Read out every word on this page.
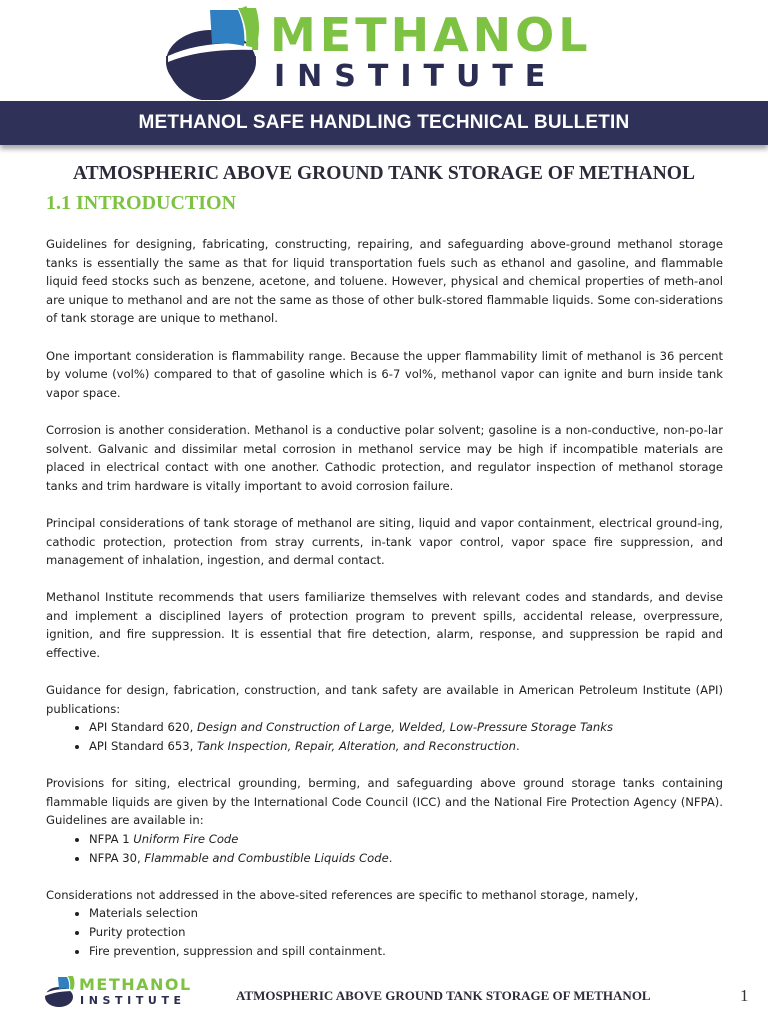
METHANOL
INSTITUTE
METHANOL SAFE HANDLING TECHNICAL BULLETIN
ATMOSPHERIC ABOVE GROUND TANK STORAGE OF METHANOL
1.1 INTRODUCTION

Guidelines for designing, fabricating, constructing, repairing, and safeguarding above-ground methanol storage tanks is essentially the same as that for liquid transportation fuels such as ethanol and gasoline, and flammable liquid feed stocks such as benzene, acetone, and toluene. However, physical and chemical properties of meth-anol are unique to methanol and are not the same as those of other bulk-stored flammable liquids. Some con-siderations of tank storage are unique to methanol.

One important consideration is flammability range. Because the upper flammability limit of methanol is 36 percent by volume (vol%) compared to that of gasoline which is 6-7 vol%, methanol vapor can ignite and burn inside tank vapor space.

Corrosion is another consideration. Methanol is a conductive polar solvent; gasoline is a non-conductive, non-po-lar solvent. Galvanic and dissimilar metal corrosion in methanol service may be high if incompatible materials are placed in electrical contact with one another. Cathodic protection, and regulator inspection of methanol storage tanks and trim hardware is vitally important to avoid corrosion failure.

Principal considerations of tank storage of methanol are siting, liquid and vapor containment, electrical ground-ing, cathodic protection, protection from stray currents, in-tank vapor control, vapor space fire suppression, and management of inhalation, ingestion, and dermal contact.

Methanol Institute recommends that users familiarize themselves with relevant codes and standards, and devise and implement a disciplined layers of protection program to prevent spills, accidental release, overpressure, ignition, and fire suppression. It is essential that fire detection, alarm, response, and suppression be rapid and effective.

Guidance for design, fabrication, construction, and tank safety are available in American Petroleum Institute (API) publications:

• API Standard 620, Design and Construction of Large, Welded, Low-Pressure Storage Tanks
• API Standard 653, Tank Inspection, Repair, Alteration, and Reconstruction.

Provisions for siting, electrical grounding, berming, and safeguarding above ground storage tanks containing flammable liquids are given by the International Code Council (ICC) and the National Fire Protection Agency (NFPA). Guidelines are available in:

• NFPA 1 Uniform Fire Code
• NFPA 30, Flammable and Combustible Liquids Code.

Considerations not addressed in the above-sited references are specific to methanol storage, namely,

• Materials selection
• Purity protection
• Fire prevention, suppression and spill containment.
METHANOL
INSTITUTE	ATMOSPHERIC ABOVE GROUND TANK STORAGE OF METHANOL	1
